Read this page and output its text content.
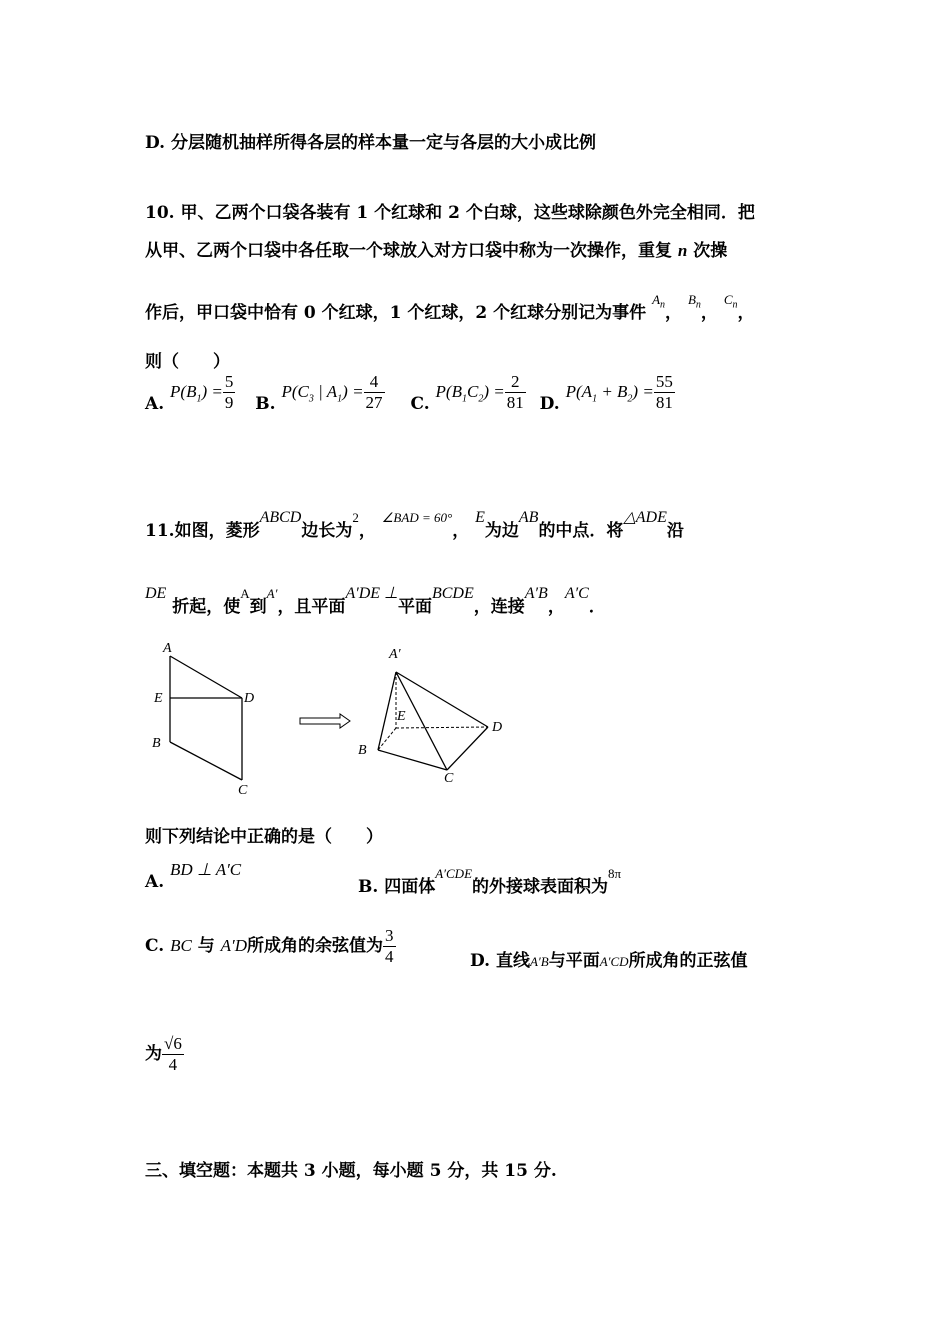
D. 分层随机抽样所得各层的样本量一定与各层的大小成比例
10. 甲、乙两个口袋各装有 1 个红球和 2 个白球，这些球除颜色外完全相同．把
从甲、乙两个口袋中各任取一个球放入对方口袋中称为一次操作，重复 n 次操
作后，甲口袋中恰有 0 个红球，1 个红球，2 个红球分别记为事件 $^{A_n}$， $^{B_n}$， $^{C_n}$，
则（　　）
A. $P(B_1) = \frac{5}{9} B$. $P(C_3$ | $A_1) = \frac{4}{27} C$. $P(B_1C_2) = \frac{2}{81} D$. $P(A_1 + B_2) = \frac{55}{81}$
11.如图，菱形ABCD边长为$^2$， $^{\angle BAD = 60^\circ}$， E为边AB的中点．将△ADE沿
DE 折起，使$^A$到$^{A'}$，且平面A′DE ⊥平面BCDE，连接A′B，A′C．
A
E	D
B
C
A′
E
D
B
C
则下列结论中正确的是（　　）
A. BD ⊥ A′C
B. 四面体$^{A'CDE}$的外接球表面积为$^{8\pi}$
C. BC 与 A′D所成角的余弦值为 $\frac{3}{4}$	D. 直线A′B与平面A′CD所成角的正弦值
为 $\frac{√6}{4}$
三、填空题：本题共 3 小题，每小题 5 分，共 15 分.
